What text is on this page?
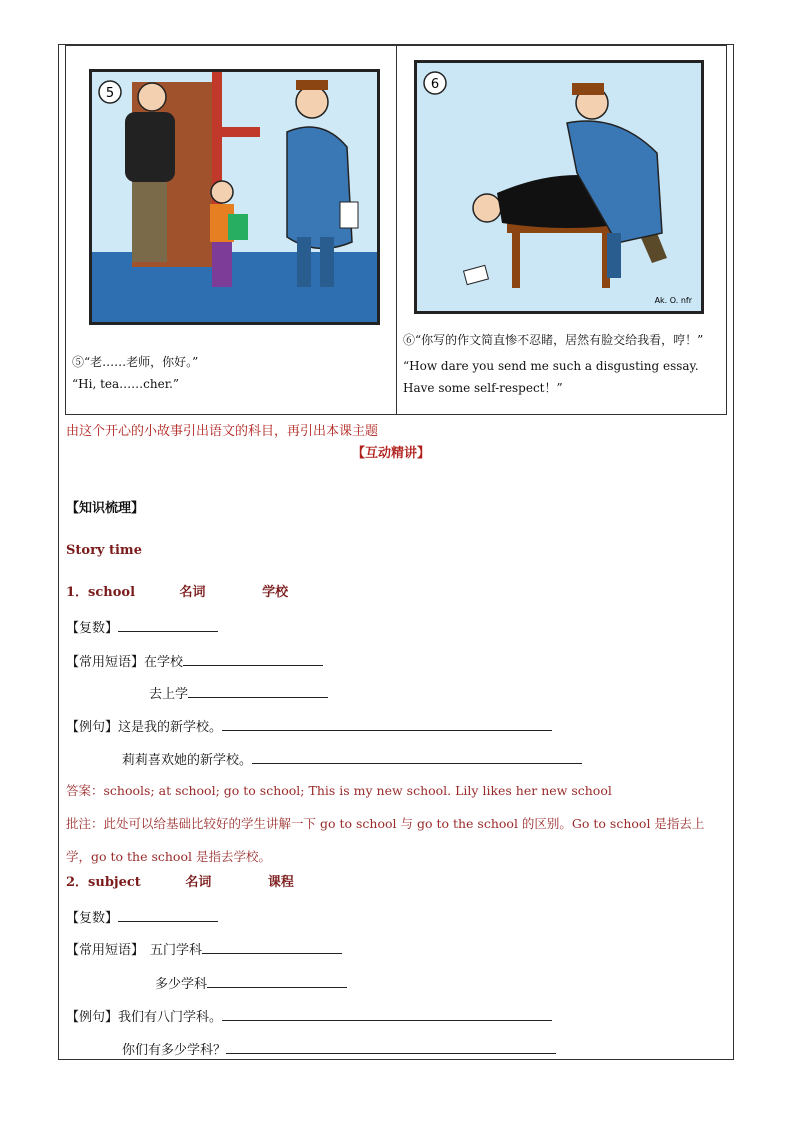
5
6
Ak. O. nfr
⑤“老……老师，你好。”
“Hi, tea……cher.”
⑥“你写的作文简直惨不忍睹，居然有脸交给我看，哼！”
“How dare you send me such a disgusting essay. Have some self-respect！”
由这个开心的小故事引出语文的科目，再引出本课主题
【互动精讲】
【知识梳理】
Story time
1．school	名词	学校
【复数】
【常用短语】在学校
去上学
【例句】这是我的新学校。
莉莉喜欢她的新学校。
答案：schools; at school; go to school; This is my new school. Lily likes her new school
批注：此处可以给基础比较好的学生讲解一下 go to school 与 go to the school 的区别。Go to school 是指去上
学，go to the school 是指去学校。
2．subject	名词	课程
【复数】
【常用短语】 五门学科
多少学科
【例句】我们有八门学科。
你们有多少学科？
